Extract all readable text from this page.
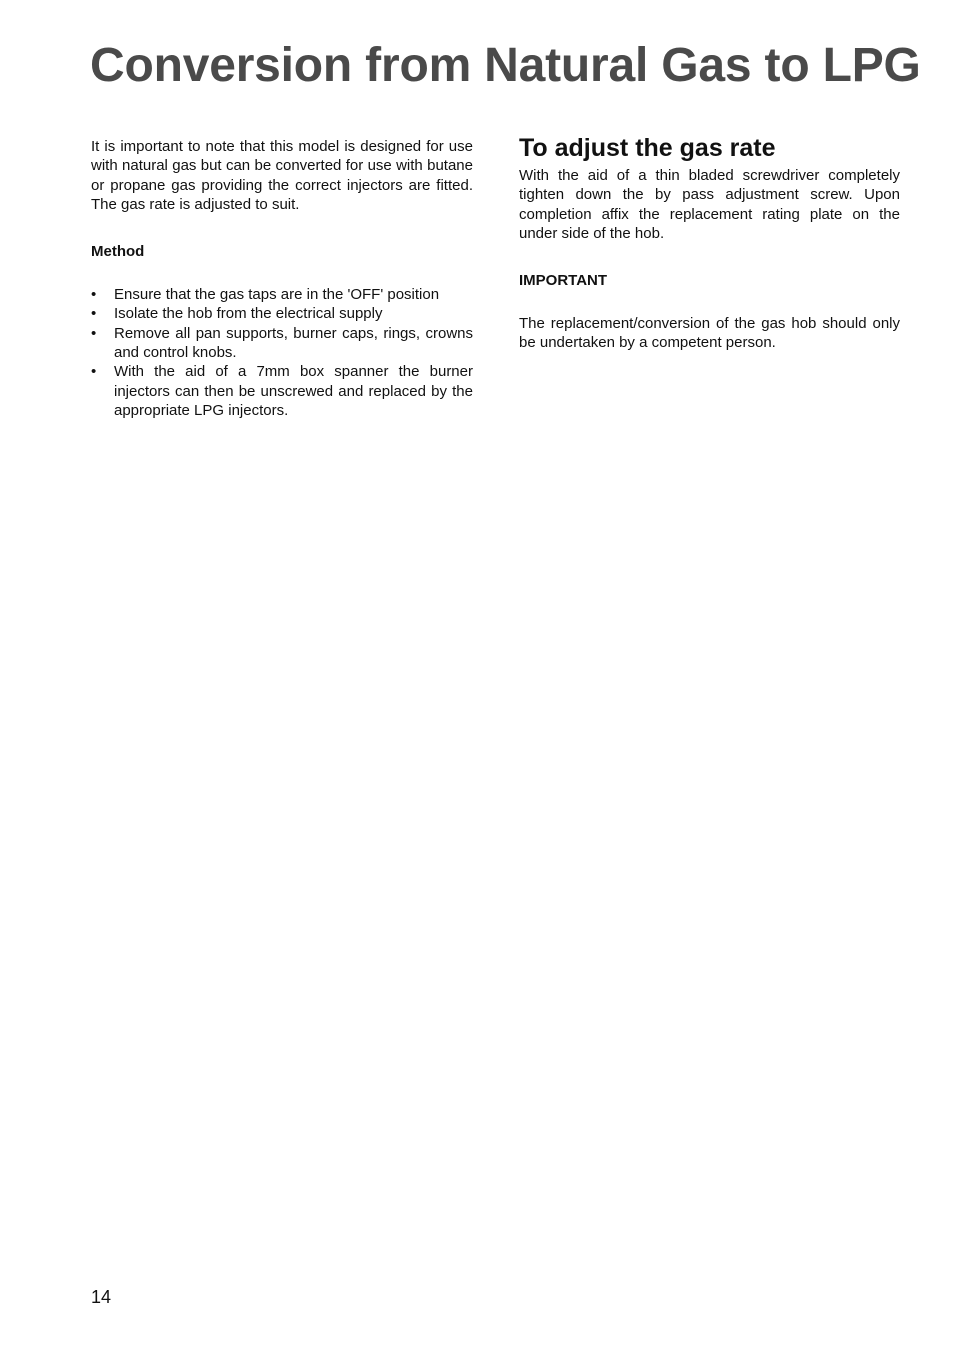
Conversion from Natural Gas to LPG

It is important to note that this model is designed for use with natural gas but can be converted for use with butane or propane gas providing the correct injectors are fitted. The gas rate is adjusted to suit.

Method
• Ensure that the gas taps are in the 'OFF' position
• Isolate the hob from the electrical supply
• Remove all pan supports, burner caps, rings, crowns and control knobs.
• With the aid of a 7mm box spanner the burner injectors can then be unscrewed and replaced by the appropriate LPG injectors.
To adjust the gas rate

With the aid of a thin bladed screwdriver completely tighten down the by pass adjustment screw. Upon completion affix the replacement rating plate on the under side of the hob.

IMPORTANT

The replacement/conversion of the gas hob should only be undertaken by a competent person.

14
